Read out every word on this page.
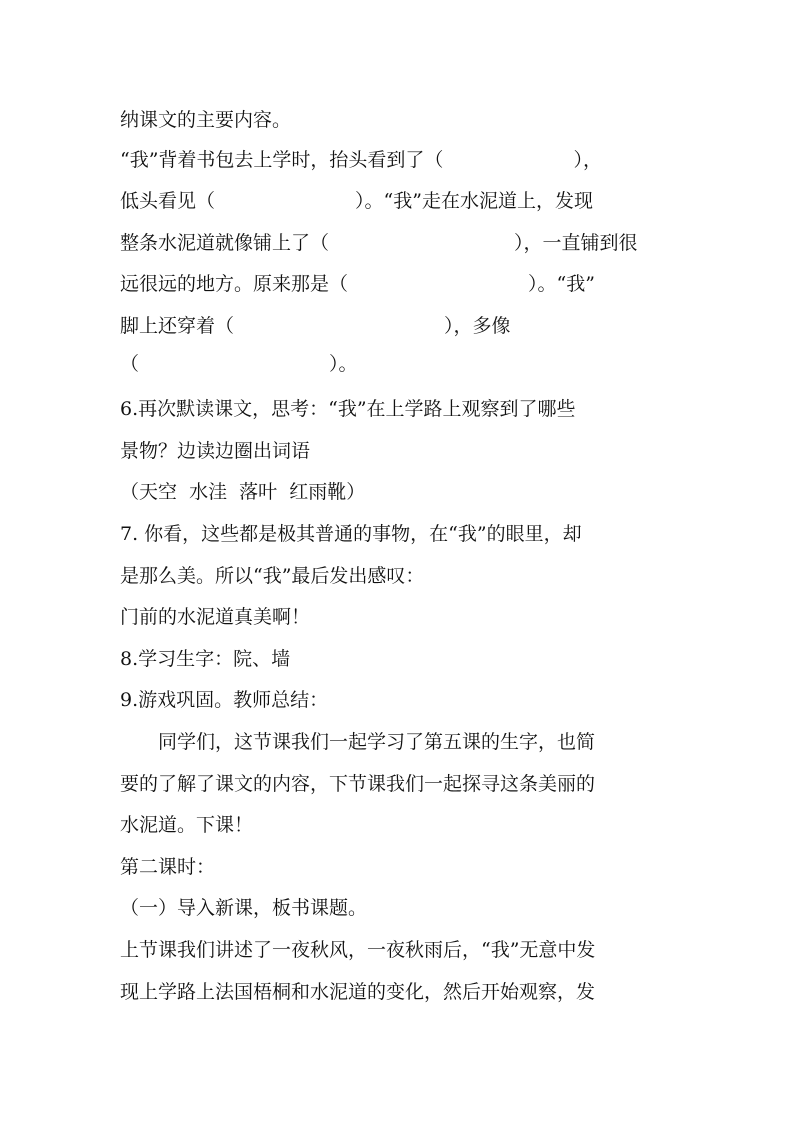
纳课文的主要内容。
“我”背着书包去上学时，抬头看到了（	），
低头看见（	）。“我”走在水泥道上，发现
整条水泥道就像铺上了（	），一直铺到很
远很远的地方。原来那是（	）。“我”
脚上还穿着（	），多像
（	）。
6.再次默读课文，思考：“我”在上学路上观察到了哪些
景物？边读边圈出词语
（天空  水洼  落叶  红雨靴）
7. 你看，这些都是极其普通的事物，在“我”的眼里，却
是那么美。所以“我”最后发出感叹：
门前的水泥道真美啊！
8.学习生字：院、墙
9.游戏巩固。教师总结：
同学们，这节课我们一起学习了第五课的生字，也简
要的了解了课文的内容，下节课我们一起探寻这条美丽的
水泥道。下课！
第二课时：
（一）导入新课，板书课题。
上节课我们讲述了一夜秋风，一夜秋雨后，“我”无意中发
现上学路上法国梧桐和水泥道的变化，然后开始观察，发
